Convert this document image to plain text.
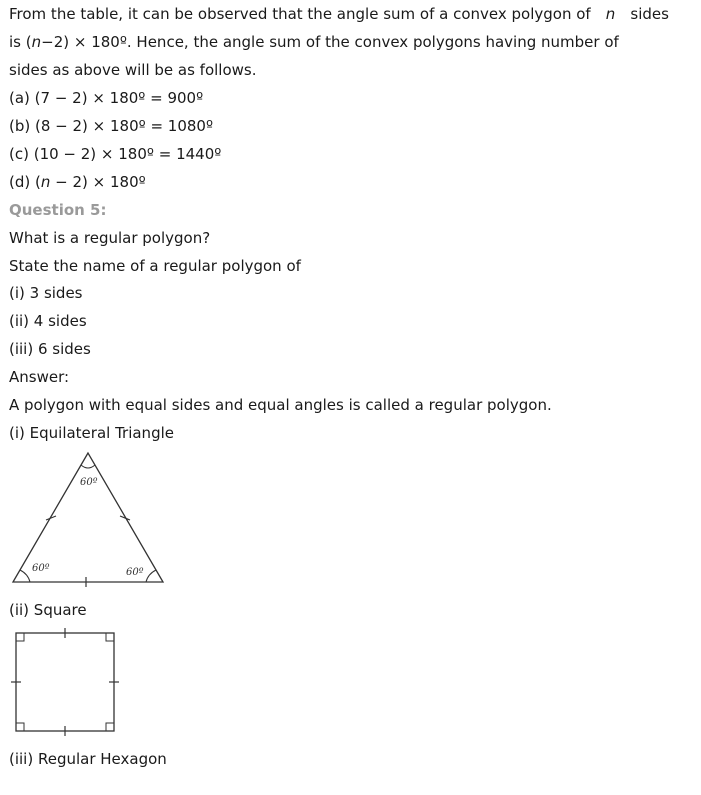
From the table, it can be observed that the angle sum of a convex polygon of n sides
is (n−2) × 180º. Hence, the angle sum of the convex polygons having number of
sides as above will be as follows.
(a) (7 − 2) × 180º = 900º
(b) (8 − 2) × 180º = 1080º
(c) (10 − 2) × 180º = 1440º
(d) (n − 2) × 180º
Question 5:
What is a regular polygon?
State the name of a regular polygon of
(i) 3 sides
(ii) 4 sides
(iii) 6 sides
Answer:
A polygon with equal sides and equal angles is called a regular polygon.
(i) Equilateral Triangle
(ii) Square
(iii) Regular Hexagon
60º
60º	60º
